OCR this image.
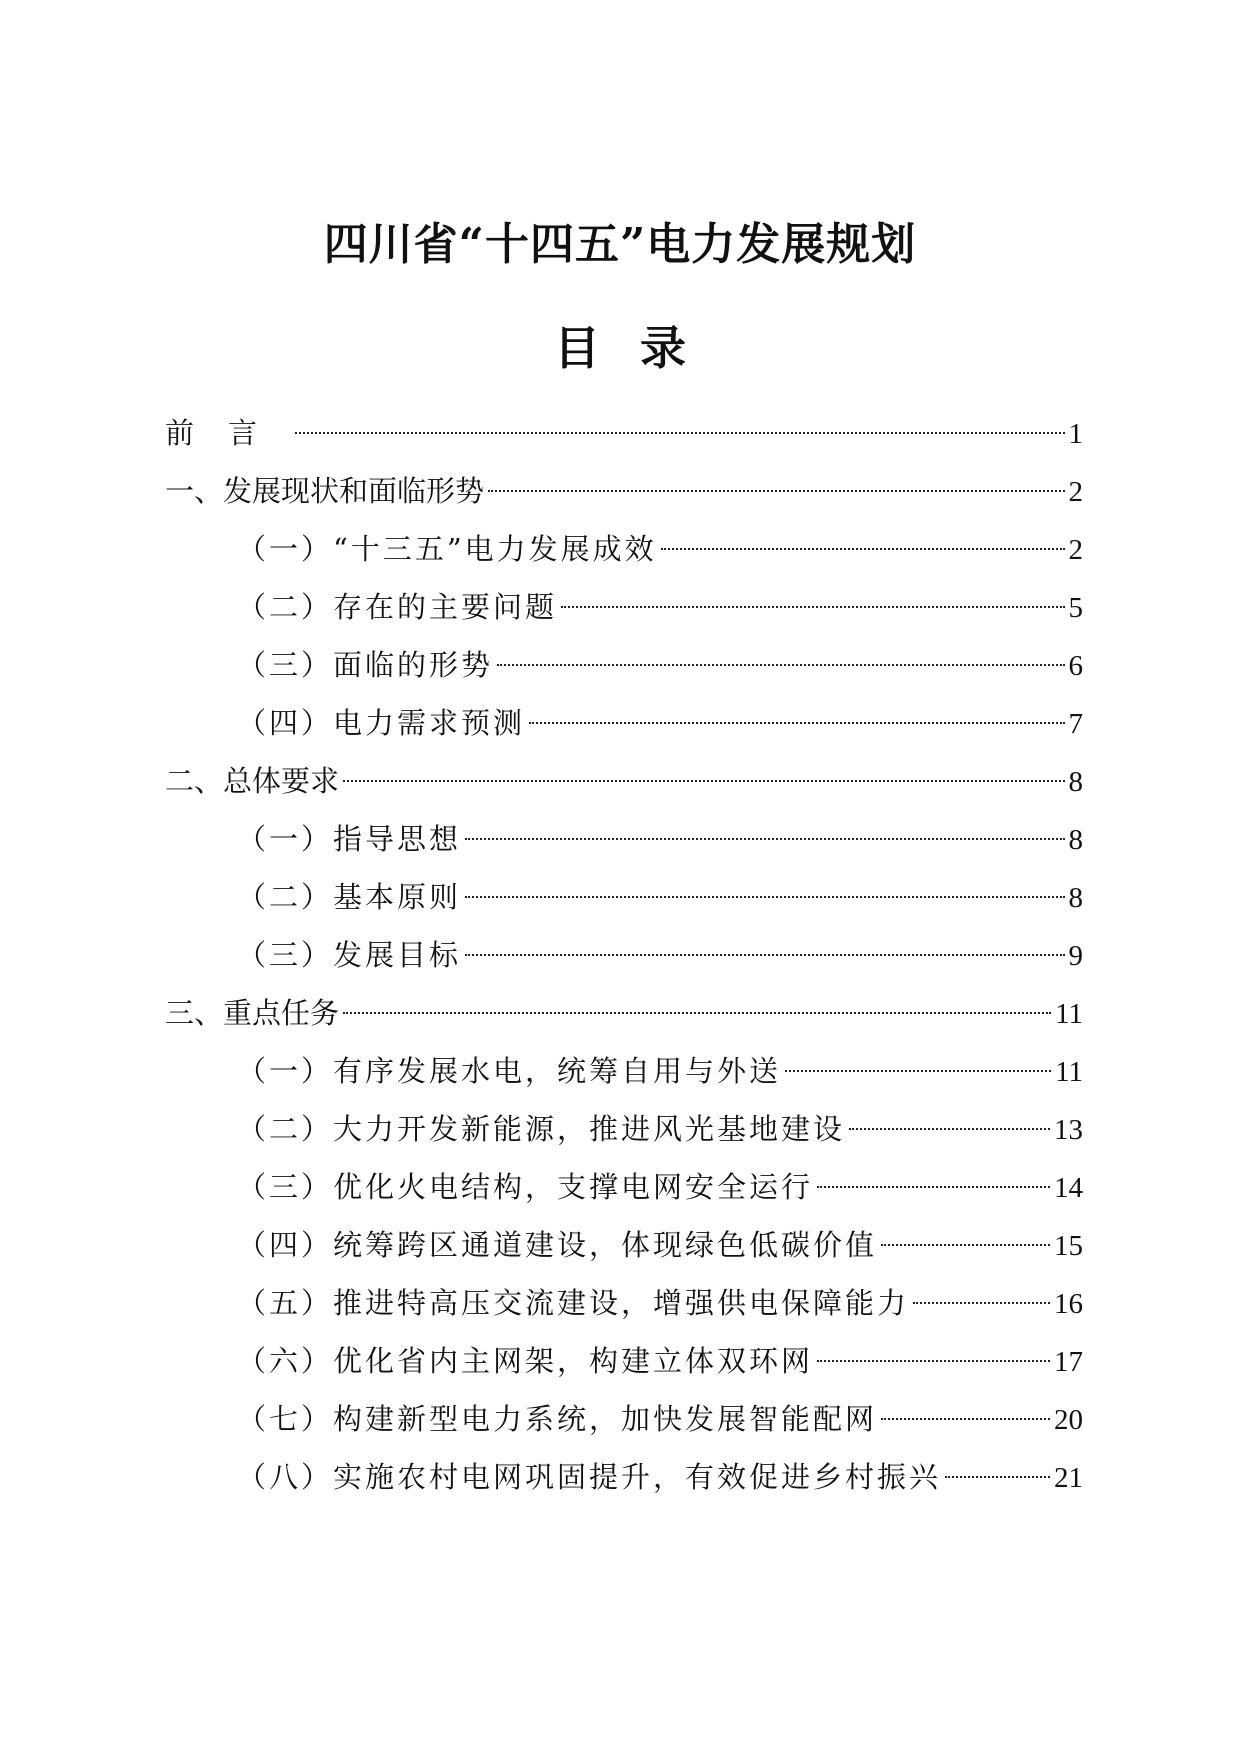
四川省“十四五”电力发展规划
目录
前言	1
一、发展现状和面临形势	2
（一）“十三五”电力发展成效	2
（二）存在的主要问题	5
（三）面临的形势	6
（四）电力需求预测	7
二、总体要求	8
（一）指导思想	8
（二）基本原则	8
（三）发展目标	9
三、重点任务	11
（一）有序发展水电，统筹自用与外送	11
（二）大力开发新能源，推进风光基地建设	13
（三）优化火电结构，支撑电网安全运行	14
（四）统筹跨区通道建设，体现绿色低碳价值	15
（五）推进特高压交流建设，增强供电保障能力	16
（六）优化省内主网架，构建立体双环网	17
（七）构建新型电力系统，加快发展智能配网	20
（八）实施农村电网巩固提升，有效促进乡村振兴	21
